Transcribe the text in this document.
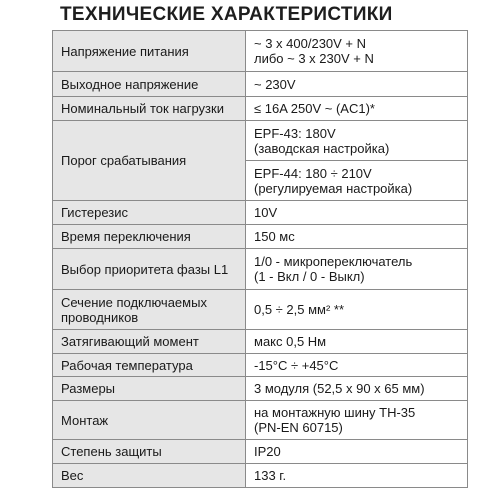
ТЕХНИЧЕСКИЕ ХАРАКТЕРИСТИКИ
Напряжение питания	~ 3 x 400/230V + N
либо ~ 3 x 230V + N
Выходное напряжение	~ 230V
Номинальный ток нагрузки	≤ 16A 250V ~ (AC1)*
Порог срабатывания	EPF-43: 180V
(заводская настройка)
	EPF-44: 180 ÷ 210V
(регулируемая настройка)
Гистерезис	10V
Время переключения	150 мс
Выбор приоритета фазы L1	1/0 - микропереключатель
(1 - Вкл / 0 - Выкл)
Сечение подключаемых
проводников	0,5 ÷ 2,5 мм² **
Затягивающий момент	макс 0,5 Нм
Рабочая температура	-15°C ÷ +45°C
Размеры	3 модуля (52,5 x 90 x 65 мм)
Монтаж	на монтажную шину ТН-35
(PN-EN 60715)
Степень защиты	IP20
Вес	133 г.
